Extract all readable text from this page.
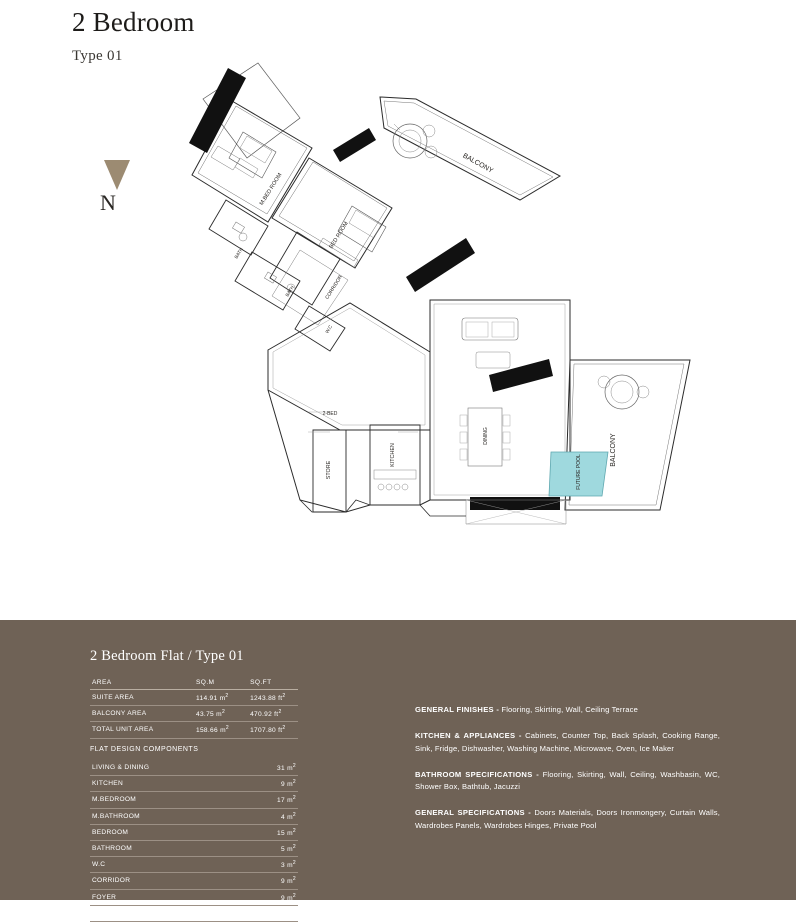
2 Bedroom
Type 01
N	M.BED ROOM
BED ROOM
BATH
BATH	CORRIDOR
W.C
BALCONY
BALCONY
KITCHEN
DINING
STORE	FUTURE POOL
2-BED
2 Bedroom Flat / Type 01
AREA	SQ.M	SQ.FT
SUITE AREA	114.91 $m^2$	1243.88 $ft^2$
BALCONY AREA	43.75 $m^2$	470.92 $ft^2$
TOTAL UNIT AREA	158.66 $m^2$	1707.80 $ft^2$
FLAT DESIGN COMPONENTS
LIVING & DINING	31 $m^2$
KITCHEN	9 $m^2$
M.BEDROOM	17 $m^2$
M.BATHROOM	4 $m^2$
BEDROOM	15 $m^2$
BATHROOM	5 $m^2$
W.C	3 $m^2$
CORRIDOR	9 $m^2$
FOYER	9 $m^2$
STORE	9 $m^2$
GENERAL FINISHES - Flooring, Skirting, Wall, Ceiling Terrace
KITCHEN & APPLIANCES - Cabinets, Counter Top, Back Splash, Cooking Range, Sink, Fridge, Dishwasher, Washing Machine, Microwave, Oven, Ice Maker
BATHROOM SPECIFICATIONS - Flooring, Skirting, Wall, Ceiling, Washbasin, WC, Shower Box, Bathtub, Jacuzzi
GENERAL SPECIFICATIONS - Doors Materials, Doors Ironmongery, Curtain Walls, Wardrobes Panels, Wardrobes Hinges, Private Pool
